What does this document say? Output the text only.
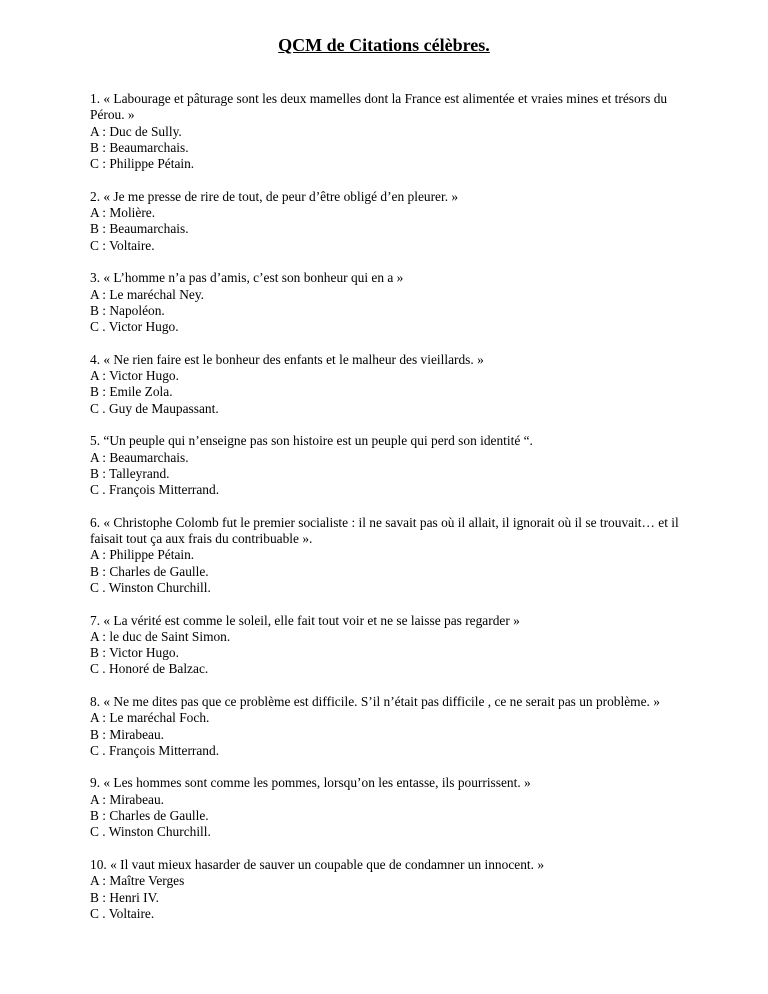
QCM de Citations célèbres.
1. « Labourage et pâturage sont les deux mamelles dont la France est alimentée et vraies mines et trésors du Pérou. »
A : Duc de Sully.
B : Beaumarchais.
C : Philippe Pétain.
2. « Je me presse de rire de tout, de peur d’être obligé d’en pleurer. »
A : Molière.
B : Beaumarchais.
C : Voltaire.
3. « L’homme n’a pas d’amis, c’est son bonheur qui en a »
A : Le maréchal Ney.
B : Napoléon.
C . Victor Hugo.
4. « Ne rien faire est le bonheur des enfants et le malheur des vieillards. »
A : Victor Hugo.
B : Emile Zola.
C . Guy de Maupassant.
5. “Un peuple qui n’enseigne pas son histoire est un peuple qui perd son identité “.
A : Beaumarchais.
B : Talleyrand.
C . François Mitterrand.
6. « Christophe Colomb fut le premier socialiste : il ne savait pas où il allait, il ignorait où il se trouvait… et il faisait tout ça aux frais du contribuable ».
A : Philippe Pétain.
B : Charles de Gaulle.
C . Winston Churchill.
7. « La vérité est comme le soleil, elle fait tout voir et ne se laisse pas regarder »
A : le duc de Saint Simon.
B : Victor Hugo.
C . Honoré de Balzac.
8. « Ne me dites pas que ce problème est difficile. S’il n’était pas difficile , ce ne serait pas un problème. »
A : Le maréchal Foch.
B : Mirabeau.
C . François Mitterrand.
9. « Les hommes sont comme les pommes, lorsqu’on les entasse, ils pourrissent. »
A : Mirabeau.
B : Charles de Gaulle.
C . Winston Churchill.
10. « Il vaut mieux hasarder de sauver un coupable que de condamner un innocent. »
A : Maître Verges
B : Henri IV.
C . Voltaire.
